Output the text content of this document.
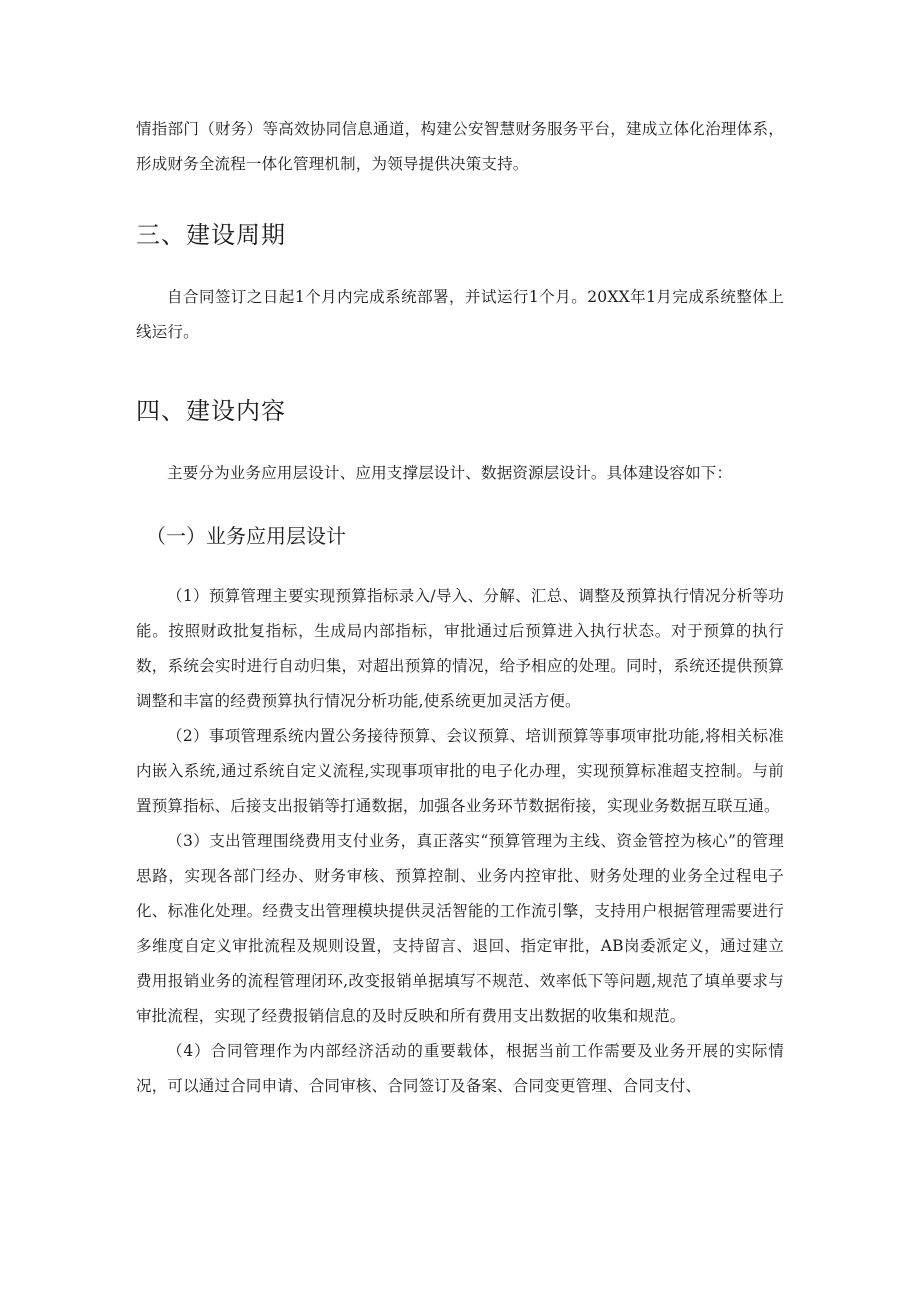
情指部门（财务）等高效协同信息通道，构建公安智慧财务服务平台，建成立体化治理体系，形成财务全流程一体化管理机制，为领导提供决策支持。

三、建设周期

自合同签订之日起1个月内完成系统部署，并试运行1个月。20XX年1月完成系统整体上线运行。

四、建设内容

主要分为业务应用层设计、应用支撑层设计、数据资源层设计。具体建设容如下：

（一）业务应用层设计

（1）预算管理主要实现预算指标录入/导入、分解、汇总、调整及预算执行情况分析等功能。按照财政批复指标，生成局内部指标，审批通过后预算进入执行状态。对于预算的执行数，系统会实时进行自动归集，对超出预算的情况，给予相应的处理。同时，系统还提供预算调整和丰富的经费预算执行情况分析功能,使系统更加灵活方便。

（2）事项管理系统内置公务接待预算、会议预算、培训预算等事项审批功能,将相关标准内嵌入系统,通过系统自定义流程,实现事项审批的电子化办理，实现预算标准超支控制。与前置预算指标、后接支出报销等打通数据，加强各业务环节数据衔接，实现业务数据互联互通。

（3）支出管理围绕费用支付业务，真正落实“预算管理为主线、资金管控为核心”的管理思路，实现各部门经办、财务审核、预算控制、业务内控审批、财务处理的业务全过程电子化、标准化处理。经费支出管理模块提供灵活智能的工作流引擎，支持用户根据管理需要进行多维度自定义审批流程及规则设置，支持留言、退回、指定审批，AB岗委派定义，通过建立费用报销业务的流程管理闭环,改变报销单据填写不规范、效率低下等问题,规范了填单要求与审批流程，实现了经费报销信息的及时反映和所有费用支出数据的收集和规范。

（4）合同管理作为内部经济活动的重要载体，根据当前工作需要及业务开展的实际情况，可以通过合同申请、合同审核、合同签订及备案、合同变更管理、合同支付、
